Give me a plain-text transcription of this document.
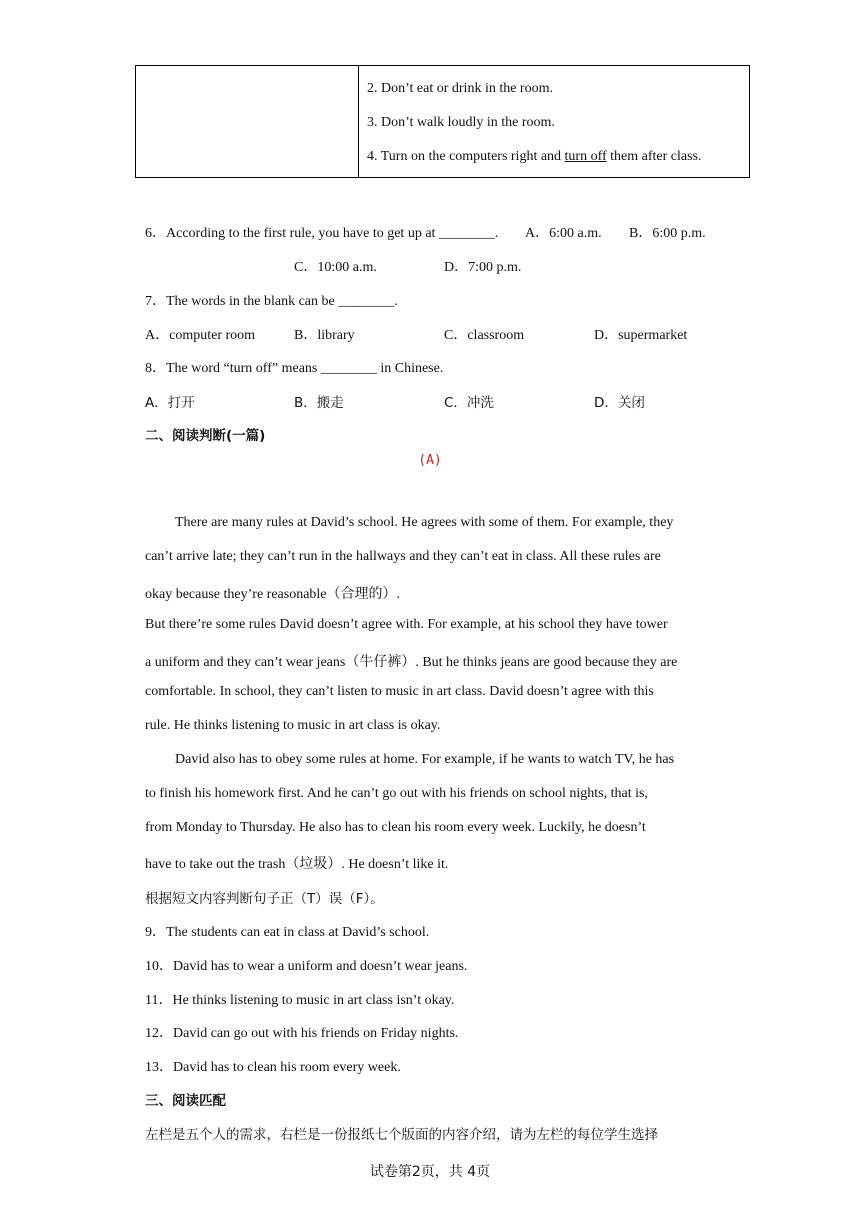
2. Don’t eat or drink in the room.
3. Don’t walk loudly in the room.
4. Turn on the computers right and turn off them after class.
6．According to the first rule, you have to get up at ________. A．6:00 a.m. B．6:00 p.m.
C．10:00 a.m.	D．7:00 p.m.
7．The words in the blank can be ________.
A．computer room	B．library	C．classroom	D．supermarket
8．The word “turn off” means ________ in Chinese.
A．打开	B．搬走	C．冲洗	D．关闭
二、阅读判断(一篇)
(A)
There are many rules at David’s school. He agrees with some of them. For example, they
can’t arrive late; they can’t run in the hallways and they can’t eat in class. All these rules are
okay because they’re reasonable（合理的）.
But there’re some rules David doesn’t agree with. For example, at his school they have tower
a uniform and they can’t wear jeans（牛仔裤）. But he thinks jeans are good because they are
comfortable. In school, they can’t listen to music in art class. David doesn’t agree with this
rule. He thinks listening to music in art class is okay.
David also has to obey some rules at home. For example, if he wants to watch TV, he has
to finish his homework first. And he can’t go out with his friends on school nights, that is,
from Monday to Thursday. He also has to clean his room every week. Luckily, he doesn’t
have to take out the trash（垃圾）. He doesn’t like it.
根据短文内容判断句子正（T）误（F）。
9．The students can eat in class at David’s school.
10．David has to wear a uniform and doesn’t wear jeans.
11．He thinks listening to music in art class isn’t okay.
12．David can go out with his friends on Friday nights.
13．David has to clean his room every week.
三、阅读匹配
左栏是五个人的需求，右栏是一份报纸七个版面的内容介绍，请为左栏的每位学生选择
试卷第2页，共 4页
